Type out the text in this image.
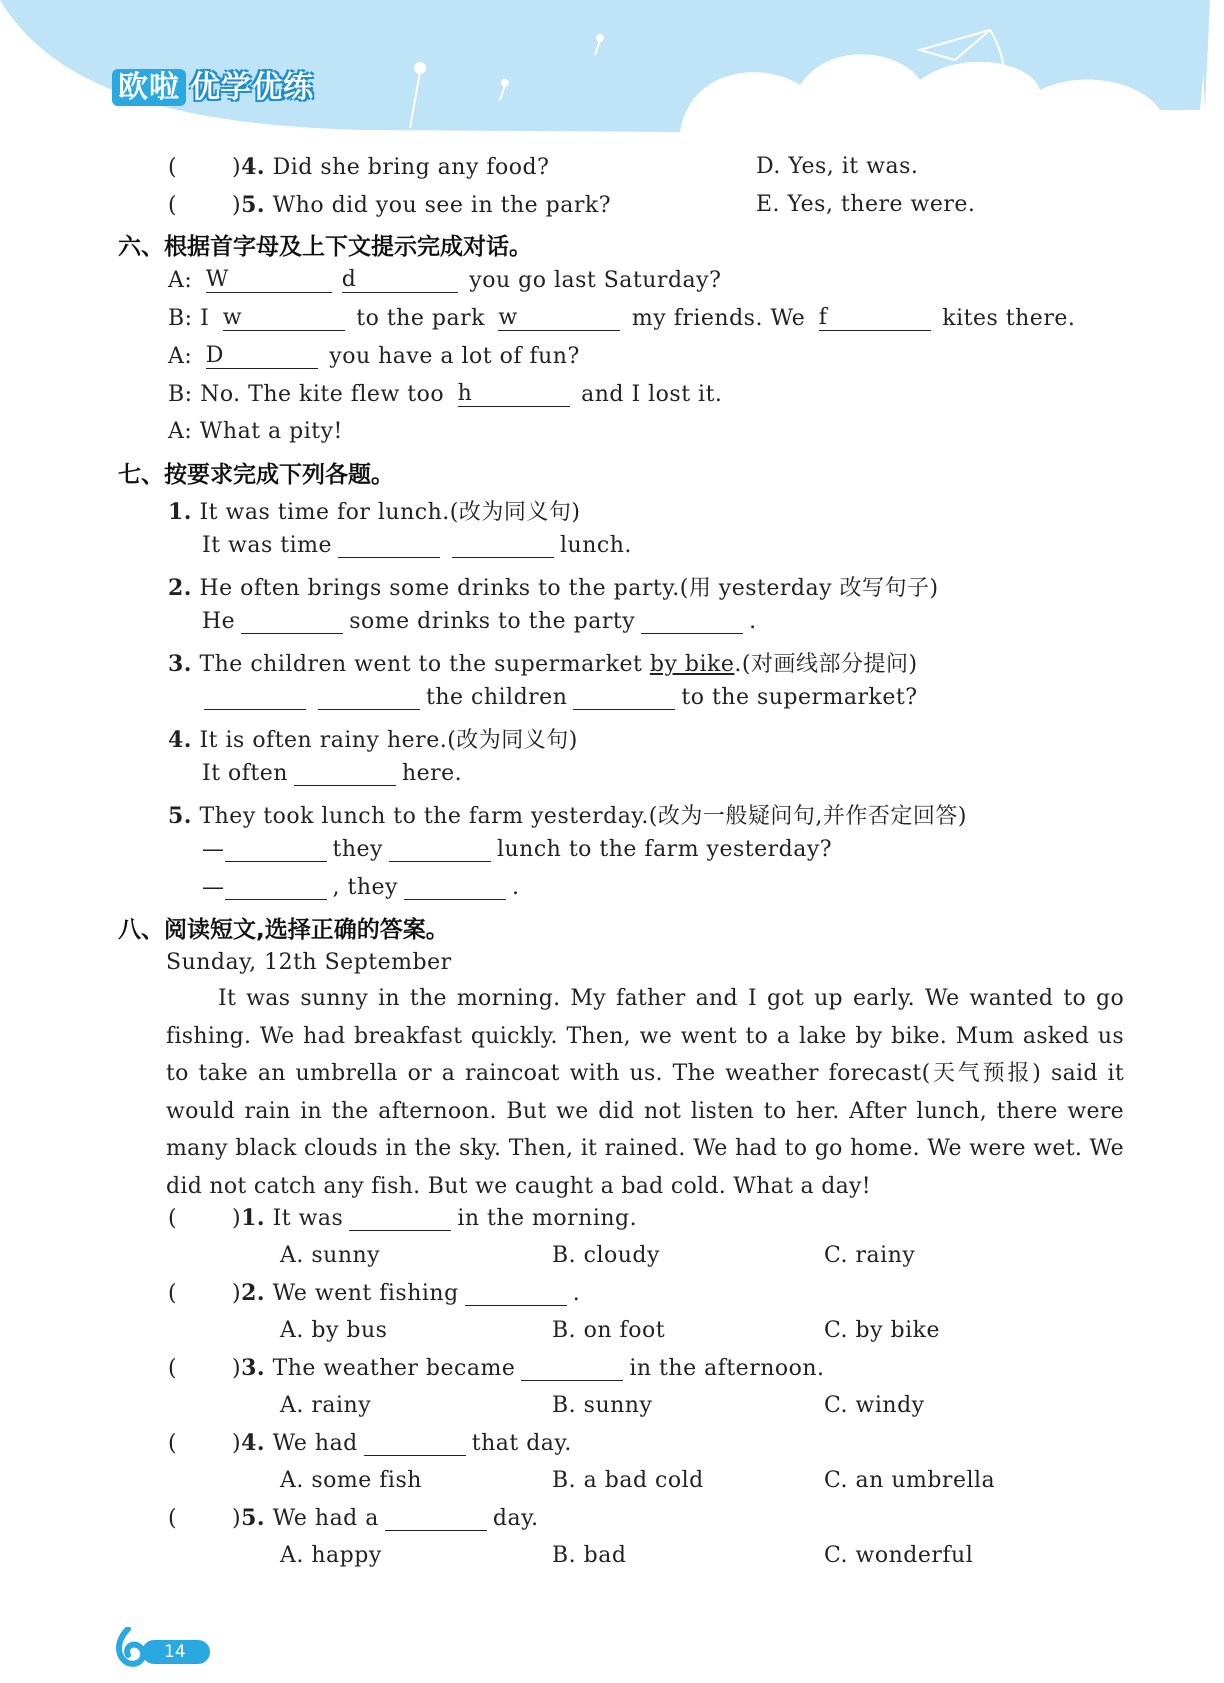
欧啦 优学优练
( )4. Did she bring any food?	D. Yes, it was.
( )5. Who did you see in the park?	E. Yes, there were.
六、根据首字母及上下文提示完成对话。
A: W	d	you go last Saturday?
B: I w	to the park w	my friends. We f	kites there.
A: D	you have a lot of fun?
B: No. The kite flew too h	and I lost it.
A: What a pity!
七、按要求完成下列各题。
1. It was time for lunch.(改为同义句)
It was time	lunch.
2. He often brings some drinks to the party.(用 yesterday 改写句子)
He	some drinks to the party	.
3. The children went to the supermarket by bike.(对画线部分提问)
the children	to the supermarket?
4. It is often rainy here.(改为同义句)
It often	here.
5. They took lunch to the farm yesterday.(改为一般疑问句,并作否定回答)
—	they	lunch to the farm yesterday?
—	, they	.
八、阅读短文,选择正确的答案。
Sunday, 12th September
It was sunny in the morning. My father and I got up early. We wanted to go fishing. We had breakfast quickly. Then, we went to a lake by bike. Mum asked us to take an umbrella or a raincoat with us. The weather forecast(天气预报) said it would rain in the afternoon. But we did not listen to her. After lunch, there were many black clouds in the sky. Then, it rained. We had to go home. We were wet. We did not catch any fish. But we caught a bad cold. What a day!
( )1. It was	in the morning.
A. sunny	B. cloudy	C. rainy
( )2. We went fishing	.
A. by bus	B. on foot	C. by bike
( )3. The weather became	in the afternoon.
A. rainy	B. sunny	C. windy
( )4. We had	that day.
A. some fish	B. a bad cold	C. an umbrella
( )5. We had a	day.
A. happy	B. bad	C. wonderful
14
